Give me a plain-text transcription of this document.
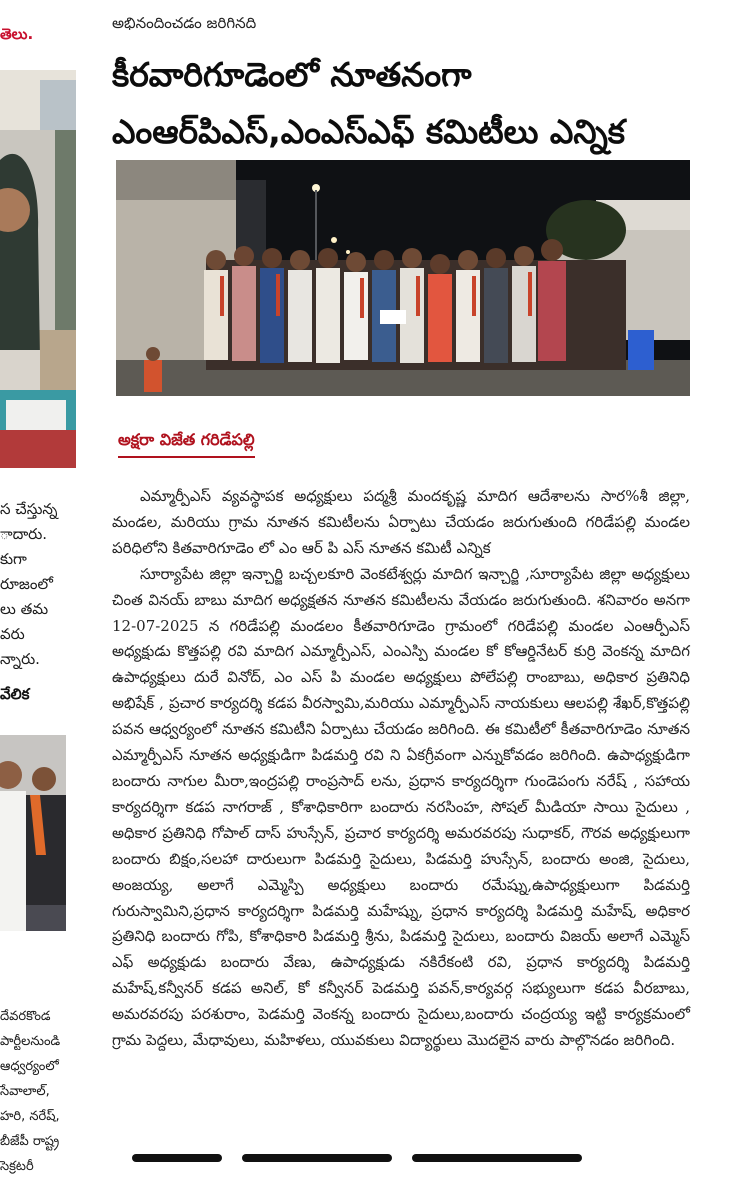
తెలు.
స చేస్తున్న
ాదారు.
కుగా
రూజంలో
లు తమ
వరు
న్నారు.
వేలిక
దేవరకొండ
పార్టీలనుండి
ఆధ్వర్యంలో
సేవాలాల్,
హరి, నరేష్,
బీజేపీ రాష్ట్ర
సెక్రటరీ
అభినందించడం జరిగినది
కీరవారిగూడెంలో నూతనంగా
ఎంఆర్‌పిఎస్,ఎంఎస్‌ఎఫ్ కమిటీలు ఎన్నిక
అక్షరా విజేత గరిడేపల్లి

ఎమ్మార్పీఎస్ వ్యవస్థాపక అధ్యక్షులు పద్మశ్రీ మందకృష్ణ మాదిగ ఆదేశాలను సార%శీ జిల్లా, మండల, మరియు గ్రామ నూతన కమిటీలను ఏర్పాటు చేయడం జరుగుతుంది గరిడేపల్లి మండల పరిధిలోని కితవారిగూడెం లో ఎం ఆర్ పి ఎస్ నూతన కమిటీ ఎన్నిక

సూర్యాపేట జిల్లా ఇన్చార్జి బచ్చలకూరి వెంకటేశ్వర్లు మాదిగ ఇన్చార్జి ,సూర్యాపేట జిల్లా అధ్యక్షులు చింత వినయ్ బాబు మాదిగ అధ్యక్షతన నూతన కమిటీలను వేయడం జరుగుతుంది. శనివారం అనగా 12-07-2025 న గరిడేపల్లి మండలం కీతవారిగూడెం గ్రామంలో గరిడేపల్లి మండల ఎంఆర్పీఎస్ అధ్యక్షుడు కొత్తపల్లి రవి మాదిగ ఎమ్మార్పీఎస్, ఎంఎస్పి మండల కో కోఆర్డినేటర్ కుర్రి వెంకన్న మాదిగ ఉపాధ్యక్షులు దురే వినోద్, ఎం ఎస్ పి మండల అధ్యక్షులు పోలేపల్లి రాంబాబు, అధికార ప్రతినిధి అభిషేక్ , ప్రచార కార్యదర్శి కడప వీరస్వామి,మరియు ఎమ్మార్పీఎస్ నాయకులు ఆలపల్లి శేఖర్,కొత్తపల్లి పవన ఆధ్వర్యంలో నూతన కమిటీని ఏర్పాటు చేయడం జరిగింది. ఈ కమిటీలో కీతవారిగూడెం నూతన ఎమ్మార్పీఎస్ నూతన అధ్యక్షుడిగా పిడమర్తి రవి ని ఏకగ్రీవంగా ఎన్నుకోవడం జరిగింది. ఉపాధ్యక్షుడిగా బందారు నాగుల మీరా,ఇంద్రపల్లి రాంప్రసాద్ లను, ప్రధాన కార్యదర్శిగా గుండెపంగు నరేష్ , సహాయ కార్యదర్శిగా కడప నాగరాజ్ , కోశాధికారిగా బందారు నరసింహ, సోషల్ మీడియా సాయి సైదులు , అధికార ప్రతినిధి గోపాల్ దాస్ హుస్సేన్, ప్రచార కార్యదర్శి అమరవరపు సుధాకర్, గౌరవ అధ్యక్షులుగా బందారు బిక్షం,సలహా దారులుగా పిడమర్తి సైదులు, పిడమర్తి హుస్సేన్, బందారు అంజి, సైదులు, అంజయ్య, అలాగే ఎమ్మెస్పి అధ్యక్షులు బందారు రమేష్ను,ఉపాధ్యక్షులుగా పిడమర్తి గురుస్వామిని,ప్రధాన కార్యదర్శిగా పిడమర్తి మహేష్ను, ప్రధాన కార్యదర్శి పిడమర్తి మహేష్, అధికార ప్రతినిధి బందారు గోపి, కోశాధికారి పిడమర్తి శ్రీను, పిడమర్తి సైదులు, బందారు విజయ్ అలాగే ఎమ్మెస్ ఎఫ్ అధ్యక్షుడు బందారు వేణు, ఉపాధ్యక్షుడు నకిరేకంటి రవి, ప్రధాన కార్యదర్శి పిడమర్తి మహేష్,కన్వీనర్ కడప అనిల్, కో కన్వీనర్ పెడమర్తి పవన్,కార్యవర్గ సభ్యులుగా కడప వీరబాబు, అమరవరపు పరశురాం, పెడమర్తి వెంకన్న బందారు సైదులు,బందారు చంద్రయ్య ఇట్టి కార్యక్రమంలో గ్రామ పెద్దలు, మేధావులు, మహిళలు, యువకులు విద్యార్థులు మొదలైన వారు పాల్గొనడం జరిగింది.
